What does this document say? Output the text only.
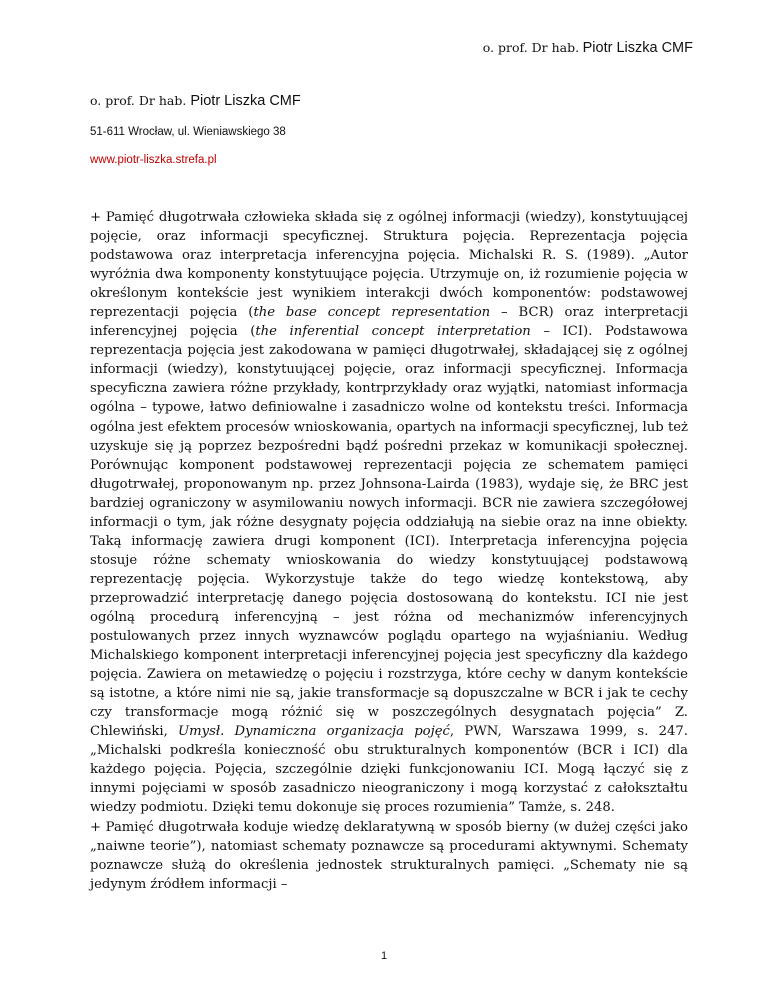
o. prof. Dr hab. Piotr Liszka CMF
o. prof. Dr hab. Piotr Liszka CMF
51-611 Wrocław, ul. Wieniawskiego 38
www.piotr-liszka.strefa.pl

+ Pamięć długotrwała człowieka składa się z ogólnej informacji (wiedzy), konstytuującej pojęcie, oraz informacji specyficznej. Struktura pojęcia. Reprezentacja pojęcia podstawowa oraz interpretacja inferencyjna pojęcia. Michalski R. S. (1989). „Autor wyróżnia dwa komponenty konstytuujące pojęcia. Utrzymuje on, iż rozumienie pojęcia w określonym kontekście jest wynikiem interakcji dwóch komponentów: podstawowej reprezentacji pojęcia (the base concept representation – BCR) oraz interpretacji inferencyjnej pojęcia (the inferential concept interpretation – ICI). Podstawowa reprezentacja pojęcia jest zakodowana w pamięci długotrwałej, składającej się z ogólnej informacji (wiedzy), konstytuującej pojęcie, oraz informacji specyficznej. Informacja specyficzna zawiera różne przykłady, kontrprzykłady oraz wyjątki, natomiast informacja ogólna – typowe, łatwo definiowalne i zasadniczo wolne od kontekstu treści. Informacja ogólna jest efektem procesów wnioskowania, opartych na informacji specyficznej, lub też uzyskuje się ją poprzez bezpośredni bądź pośredni przekaz w komunikacji społecznej. Porównując komponent podstawowej reprezentacji pojęcia ze schematem pamięci długotrwałej, proponowanym np. przez Johnsona-Lairda (1983), wydaje się, że BRC jest bardziej ograniczony w asymilowaniu nowych informacji. BCR nie zawiera szczegółowej informacji o tym, jak różne desygnaty pojęcia oddziałują na siebie oraz na inne obiekty. Taką informację zawiera drugi komponent (ICI). Interpretacja inferencyjna pojęcia stosuje różne schematy wnioskowania do wiedzy konstytuującej podstawową reprezentację pojęcia. Wykorzystuje także do tego wiedzę kontekstową, aby przeprowadzić interpretację danego pojęcia dostosowaną do kontekstu. ICI nie jest ogólną procedurą inferencyjną – jest różna od mechanizmów inferencyjnych postulowanych przez innych wyznawców poglądu opartego na wyjaśnianiu. Według Michalskiego komponent interpretacji inferencyjnej pojęcia jest specyficzny dla każdego pojęcia. Zawiera on metawiedzę o pojęciu i rozstrzyga, które cechy w danym kontekście są istotne, a które nimi nie są, jakie transformacje są dopuszczalne w BCR i jak te cechy czy transformacje mogą różnić się w poszczególnych desygnatach pojęcia” Z. Chlewiński, Umysł. Dynamiczna organizacja pojęć, PWN, Warszawa 1999, s. 247. „Michalski podkreśla konieczność obu strukturalnych komponentów (BCR i ICI) dla każdego pojęcia. Pojęcia, szczególnie dzięki funkcjonowaniu ICI. Mogą łączyć się z innymi pojęciami w sposób zasadniczo nieograniczony i mogą korzystać z całokształtu wiedzy podmiotu. Dzięki temu dokonuje się proces rozumienia” Tamże, s. 248.

+ Pamięć długotrwała koduje wiedzę deklaratywną w sposób bierny (w dużej części jako „naiwne teorie”), natomiast schematy poznawcze są procedurami aktywnymi. Schematy poznawcze służą do określenia jednostek strukturalnych pamięci. „Schematy nie są jedynym źródłem informacji –

1
